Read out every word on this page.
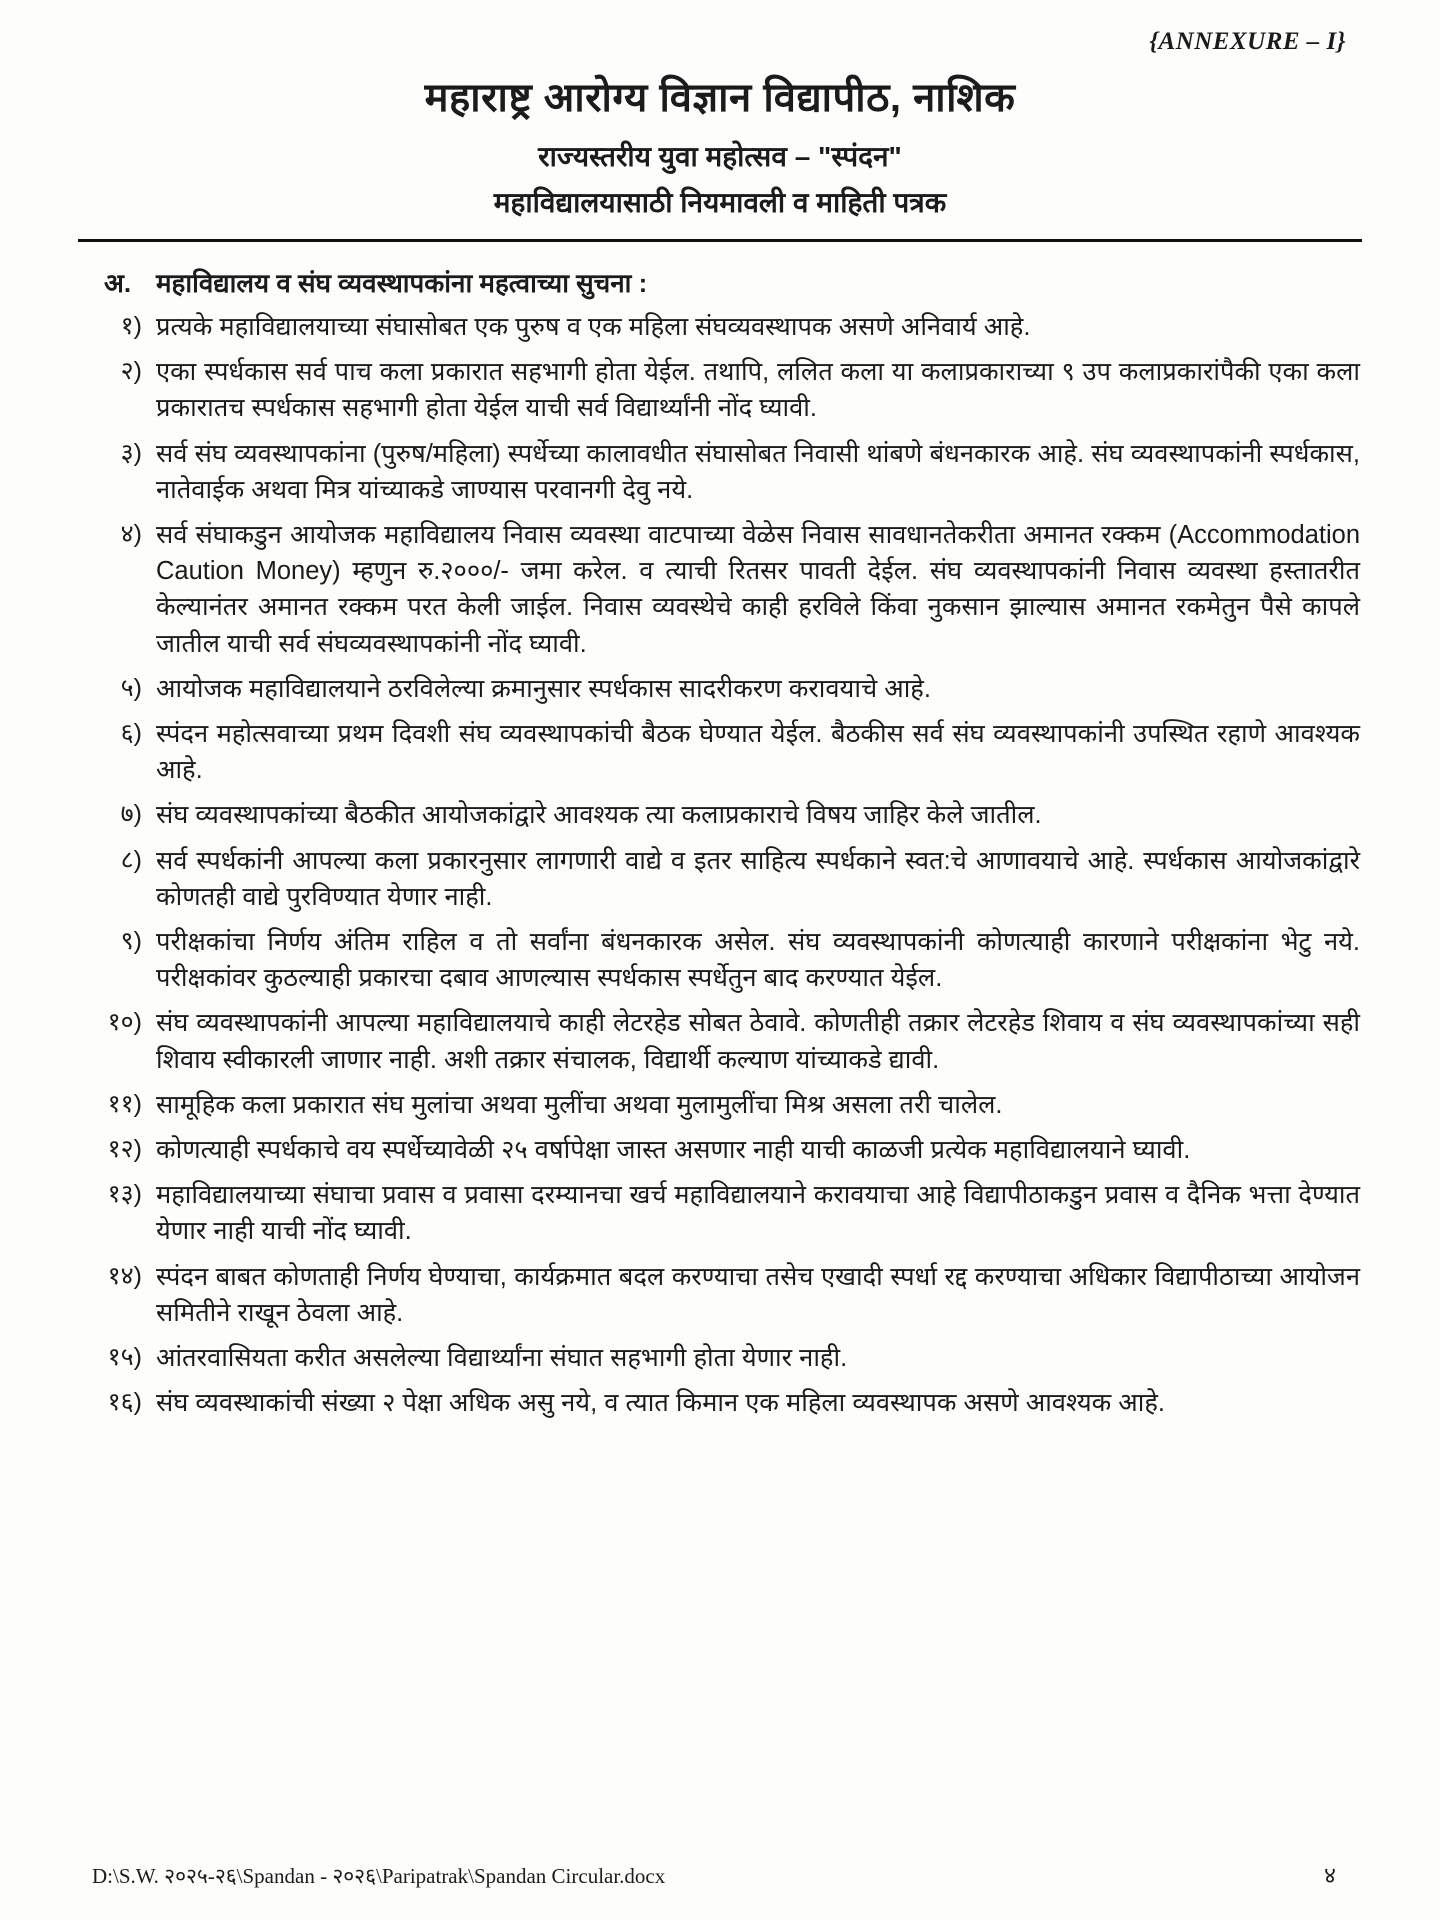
{ANNEXURE – I}
महाराष्ट्र आरोग्य विज्ञान विद्यापीठ, नाशिक
राज्यस्तरीय युवा महोत्सव – "स्पंदन"
महाविद्यालयासाठी नियमावली व माहिती पत्रक
अ. महाविद्यालय व संघ व्यवस्थापकांना महत्वाच्या सुचना :
१) प्रत्यके महाविद्यालयाच्या संघासोबत एक पुरुष व एक महिला संघव्यवस्थापक असणे अनिवार्य आहे.
२) एका स्पर्धकास सर्व पाच कला प्रकारात सहभागी होता येईल. तथापि, ललित कला या कलाप्रकाराच्या ९ उप कलाप्रकारांपैकी एका कला प्रकारातच स्पर्धकास सहभागी होता येईल याची सर्व विद्यार्थ्यांनी नोंद घ्यावी.
३) सर्व संघ व्यवस्थापकांना (पुरुष/महिला) स्पर्धेच्या कालावधीत संघासोबत निवासी थांबणे बंधनकारक आहे. संघ व्यवस्थापकांनी स्पर्धकास, नातेवाईक अथवा मित्र यांच्याकडे जाण्यास परवानगी देवु नये.
४) सर्व संघाकडुन आयोजक महाविद्यालय निवास व्यवस्था वाटपाच्या वेळेस निवास सावधानतेकरीता अमानत रक्कम (Accommodation Caution Money) म्हणुन रु.२०००/- जमा करेल. व त्याची रितसर पावती देईल. संघ व्यवस्थापकांनी निवास व्यवस्था हस्तातरीत केल्यानंतर अमानत रक्कम परत केली जाईल. निवास व्यवस्थेचे काही हरविले किंवा नुकसान झाल्यास अमानत रकमेतुन पैसे कापले जातील याची सर्व संघव्यवस्थापकांनी नोंद घ्यावी.
५) आयोजक महाविद्यालयाने ठरविलेल्या क्रमानुसार स्पर्धकास सादरीकरण करावयाचे आहे.
६) स्पंदन महोत्सवाच्या प्रथम दिवशी संघ व्यवस्थापकांची बैठक घेण्यात येईल. बैठकीस सर्व संघ व्यवस्थापकांनी उपस्थित रहाणे आवश्यक आहे.
७) संघ व्यवस्थापकांच्या बैठकीत आयोजकांद्वारे आवश्यक त्या कलाप्रकाराचे विषय जाहिर केले जातील.
८) सर्व स्पर्धकांनी आपल्या कला प्रकारनुसार लागणारी वाद्ये व इतर साहित्य स्पर्धकाने स्वत:चे आणावयाचे आहे. स्पर्धकास आयोजकांद्वारे कोणतही वाद्ये पुरविण्यात येणार नाही.
९) परीक्षकांचा निर्णय अंतिम राहिल व तो सर्वांना बंधनकारक असेल. संघ व्यवस्थापकांनी कोणत्याही कारणाने परीक्षकांना भेटु नये. परीक्षकांवर कुठल्याही प्रकारचा दबाव आणल्यास स्पर्धकास स्पर्धेतुन बाद करण्यात येईल.
१०) संघ व्यवस्थापकांनी आपल्या महाविद्यालयाचे काही लेटरहेड सोबत ठेवावे. कोणतीही तक्रार लेटरहेड शिवाय व संघ व्यवस्थापकांच्या सही शिवाय स्वीकारली जाणार नाही. अशी तक्रार संचालक, विद्यार्थी कल्याण यांच्याकडे द्यावी.
११) सामूहिक कला प्रकारात संघ मुलांचा अथवा मुलींचा अथवा मुलामुलींचा मिश्र असला तरी चालेल.
१२) कोणत्याही स्पर्धकाचे वय स्पर्धेच्यावेळी २५ वर्षापेक्षा जास्त असणार नाही याची काळजी प्रत्येक महाविद्यालयाने घ्यावी.
१३) महाविद्यालयाच्या संघाचा प्रवास व प्रवासा दरम्यानचा खर्च महाविद्यालयाने करावयाचा आहे विद्यापीठाकडुन प्रवास व दैनिक भत्ता देण्यात येणार नाही याची नोंद घ्यावी.
१४) स्पंदन बाबत कोणताही निर्णय घेण्याचा, कार्यक्रमात बदल करण्याचा तसेच एखादी स्पर्धा रद्द करण्याचा अधिकार विद्यापीठाच्या आयोजन समितीने राखून ठेवला आहे.
१५) आंतरवासियता करीत असलेल्या विद्यार्थ्यांना संघात सहभागी होता येणार नाही.
१६) संघ व्यवस्थाकांची संख्या २ पेक्षा अधिक असु नये, व त्यात किमान एक महिला व्यवस्थापक असणे आवश्यक आहे.
D:\S.W. २०२५-२६\Spandan - २०२६\Paripatrak\Spandan Circular.docx	४
